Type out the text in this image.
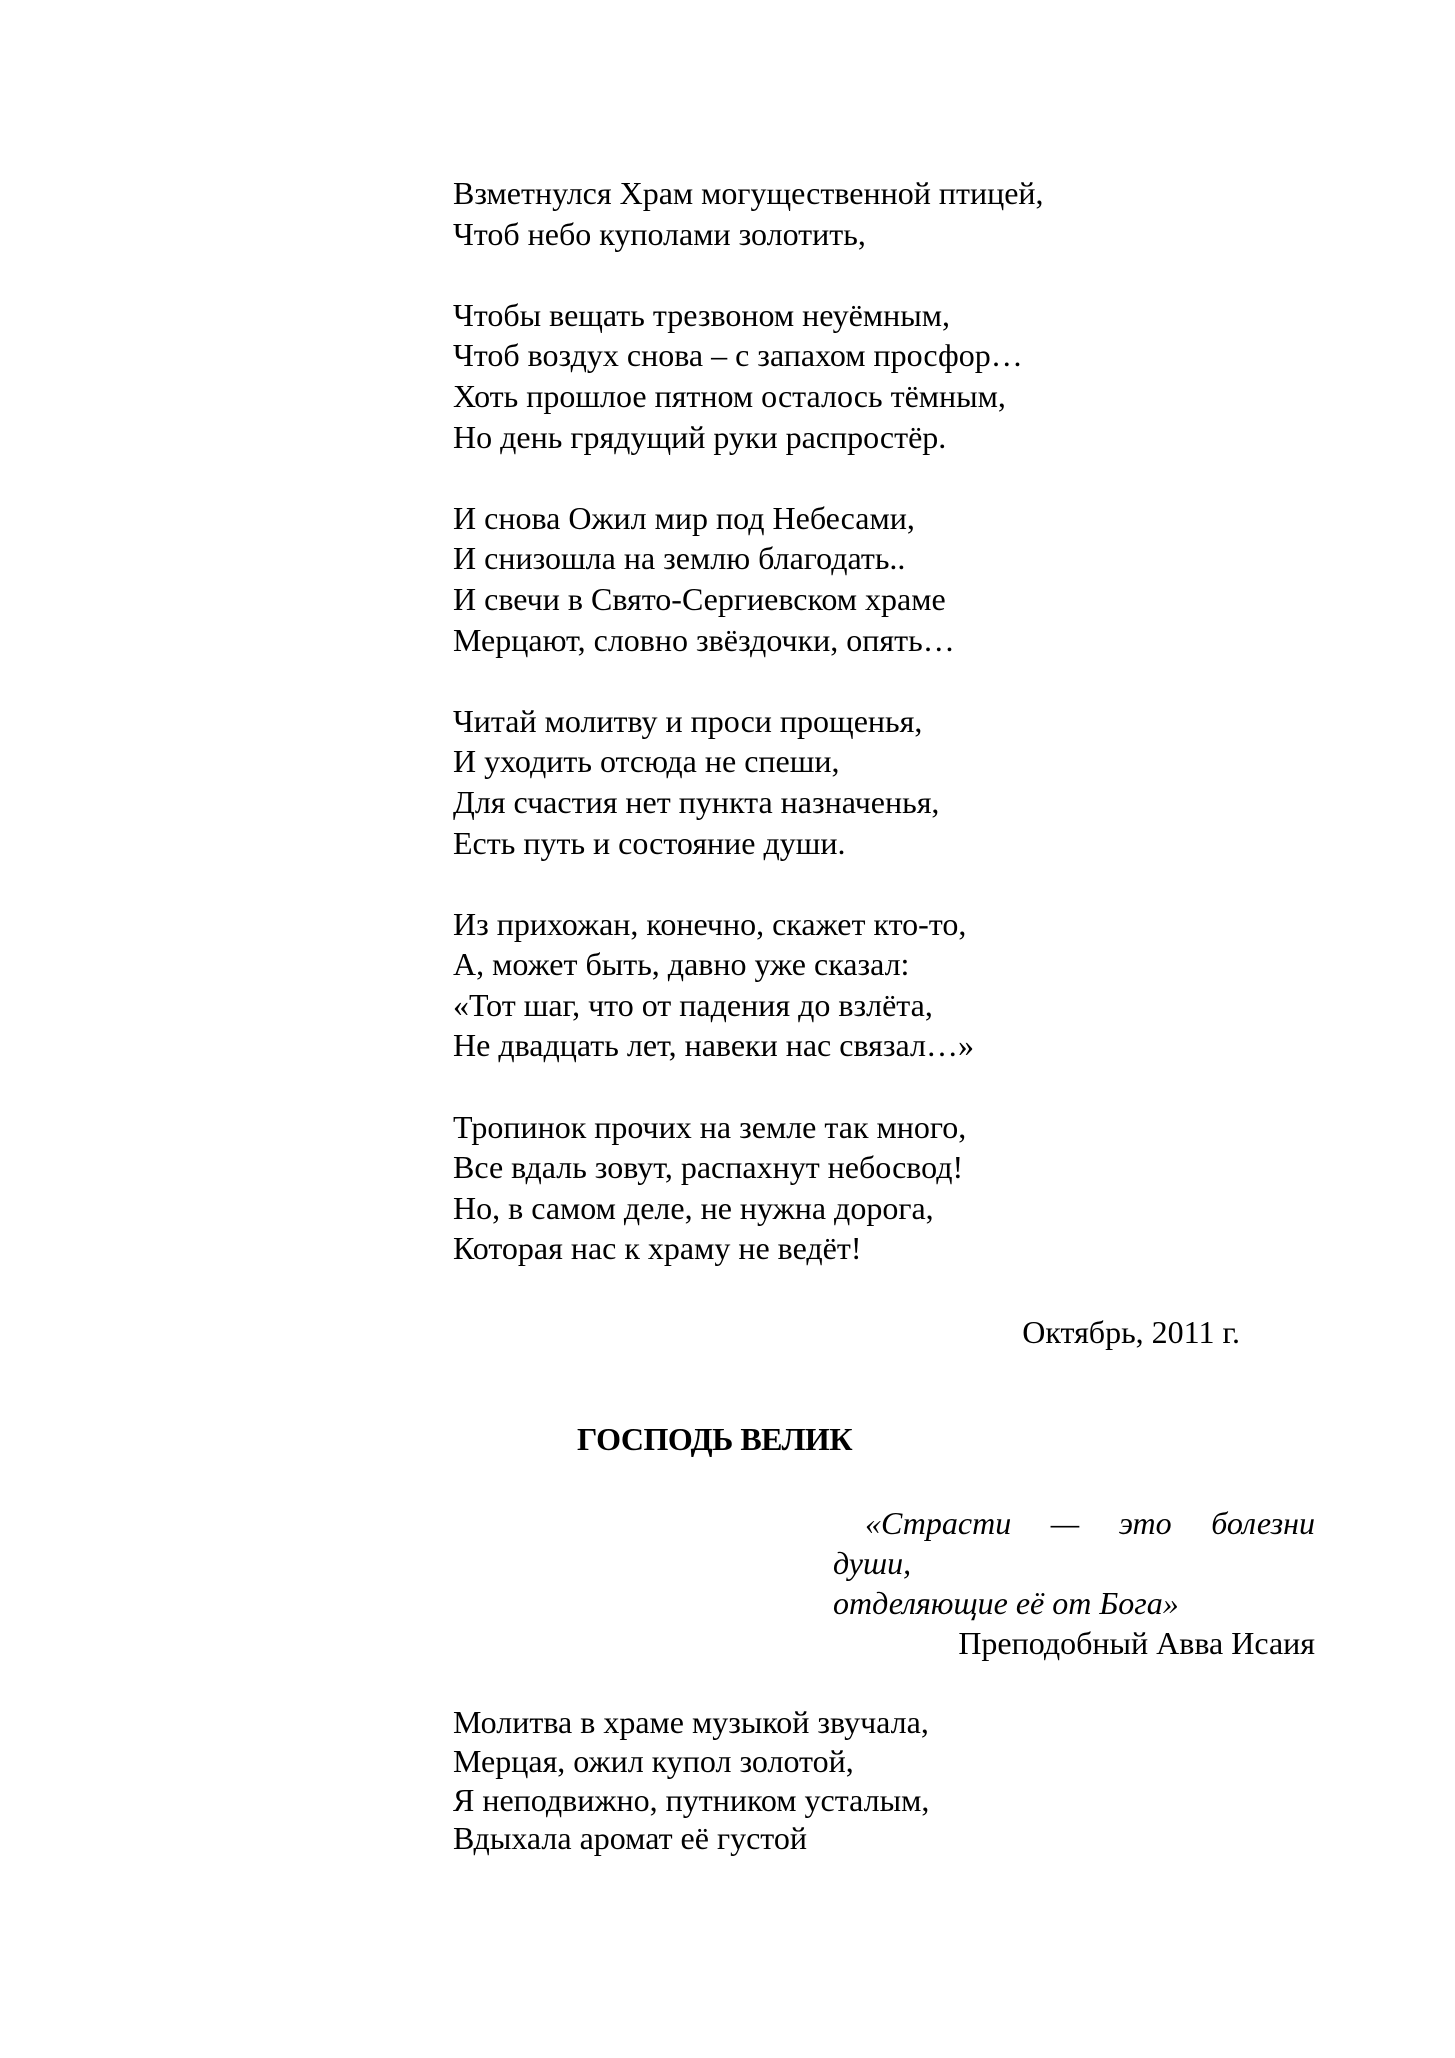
Взметнулся Храм могущественной птицей,
Чтоб небо куполами золотить,
Чтобы вещать трезвоном неуёмным,
Чтоб воздух снова – с запахом просфор…
Хоть прошлое пятном осталось тёмным,
Но день грядущий руки распростёр.
И снова Ожил мир под Небесами,
И снизошла на землю благодать..
И свечи в Свято-Сергиевском храме
Мерцают, словно звёздочки, опять…
Читай молитву и проси прощенья,
И уходить отсюда не спеши,
Для счастия нет пункта назначенья,
Есть путь и состояние души.
Из прихожан, конечно, скажет кто-то,
А, может быть, давно уже сказал:
«Тот шаг, что от падения до взлёта,
Не двадцать лет, навеки нас связал…»
Тропинок прочих на земле так много,
Все вдаль зовут, распахнут небосвод!
Но, в самом деле, не нужна дорога,
Которая нас к храму не ведёт!
Октябрь, 2011 г.
ГОСПОДЬ ВЕЛИК
«Страсти — это болезни
души,
отделяющие её от Бога»
Преподобный Авва Исаия
Молитва в храме музыкой звучала,
Мерцая, ожил купол золотой,
Я неподвижно, путником усталым,
Вдыхала аромат её густой
